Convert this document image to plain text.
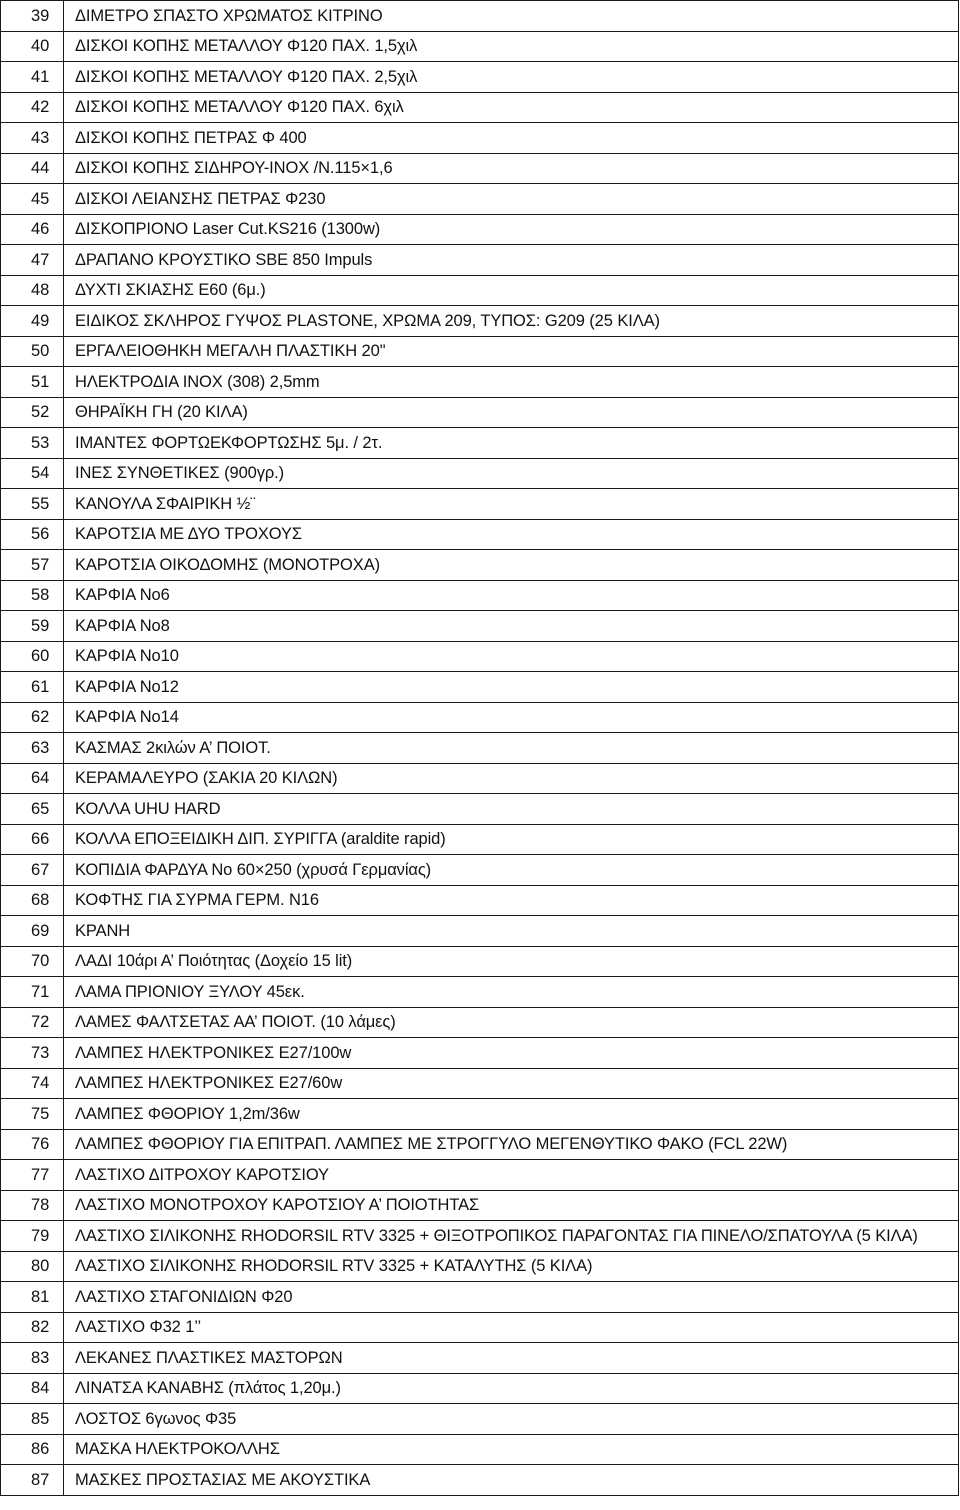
39	ΔΙΜΕΤΡΟ ΣΠΑΣΤΟ ΧΡΩΜΑΤΟΣ ΚΙΤΡΙΝΟ
40	ΔΙΣΚΟΙ ΚΟΠΗΣ ΜΕΤΑΛΛΟΥ Φ120 ΠΑΧ. 1,5χιλ
41	ΔΙΣΚΟΙ ΚΟΠΗΣ ΜΕΤΑΛΛΟΥ Φ120 ΠΑΧ. 2,5χιλ
42	ΔΙΣΚΟΙ ΚΟΠΗΣ ΜΕΤΑΛΛΟΥ Φ120 ΠΑΧ. 6χιλ
43	ΔΙΣΚΟΙ ΚΟΠΗΣ ΠΕΤΡΑΣ Φ 400
44	ΔΙΣΚΟΙ ΚΟΠΗΣ ΣΙΔΗΡΟΥ-ΙΝΟΧ /Ν.115×1,6
45	ΔΙΣΚΟΙ ΛΕΙΑΝΣΗΣ ΠΕΤΡΑΣ Φ230
46	ΔΙΣΚΟΠΡΙΟΝΟ Laser Cut.KS216 (1300w)
47	ΔΡΑΠΑΝΟ ΚΡΟΥΣΤΙΚΟ SBE 850 Impuls
48	ΔΥΧΤΙ ΣΚΙΑΣΗΣ Ε60 (6μ.)
49	ΕΙΔΙΚΟΣ ΣΚΛΗΡΟΣ ΓΥΨΟΣ PLASTONE, ΧΡΩΜΑ 209, ΤΥΠΟΣ: G209 (25 ΚΙΛΑ)
50	ΕΡΓΑΛΕΙΟΘΗΚΗ ΜΕΓΑΛΗ ΠΛΑΣΤΙΚΗ 20"
51	ΗΛΕΚΤΡΟΔΙΑ ΙΝΟΧ (308) 2,5mm
52	ΘΗΡΑΪΚΗ ΓΗ (20 ΚΙΛΑ)
53	ΙΜΑΝΤΕΣ ΦΟΡΤΩΕΚΦΟΡΤΩΣΗΣ 5μ. / 2τ.
54	ΙΝΕΣ ΣΥΝΘΕΤΙΚΕΣ (900γρ.)
55	ΚΑΝΟΥΛΑ ΣΦΑΙΡΙΚΗ ½¨
56	ΚΑΡΟΤΣΙΑ ΜΕ ΔΥΟ ΤΡΟΧΟΥΣ
57	ΚΑΡΟΤΣΙΑ ΟΙΚΟΔΟΜΗΣ (ΜΟΝΟΤΡΟΧΑ)
58	ΚΑΡΦΙΑ Νο6
59	ΚΑΡΦΙΑ Νο8
60	ΚΑΡΦΙΑ Νο10
61	ΚΑΡΦΙΑ Νο12
62	ΚΑΡΦΙΑ Νο14
63	ΚΑΣΜΑΣ 2κιλών Α’ ΠΟΙΟΤ.
64	ΚΕΡΑΜΑΛΕΥΡΟ (ΣΑΚΙΑ 20 ΚΙΛΩΝ)
65	ΚΟΛΛΑ UHU HARD
66	ΚΟΛΛΑ ΕΠΟΞΕΙΔΙΚΗ ΔΙΠ. ΣΥΡΙΓΓΑ (araldite rapid)
67	ΚΟΠΙΔΙΑ ΦΑΡΔΥΑ Νο 60×250 (χρυσά Γερμανίας)
68	ΚΟΦΤΗΣ ΓΙΑ ΣΥΡΜΑ ΓΕΡΜ. Ν16
69	ΚΡΑΝΗ
70	ΛΑΔΙ 10άρι Α’ Ποιότητας (Δοχείο 15 lit)
71	ΛΑΜΑ ΠΡΙΟΝΙΟΥ ΞΥΛΟΥ 45εκ.
72	ΛΑΜΕΣ ΦΑΛΤΣΕΤΑΣ ΑΑ’ ΠΟΙΟΤ. (10 λάμες)
73	ΛΑΜΠΕΣ ΗΛΕΚΤΡΟΝΙΚΕΣ Ε27/100w
74	ΛΑΜΠΕΣ ΗΛΕΚΤΡΟΝΙΚΕΣ Ε27/60w
75	ΛΑΜΠΕΣ ΦΘΟΡΙΟΥ 1,2m/36w
76	ΛΑΜΠΕΣ ΦΘΟΡΙΟΥ ΓΙΑ ΕΠΙΤΡΑΠ. ΛΑΜΠΕΣ ΜΕ ΣΤΡΟΓΓΥΛΟ ΜΕΓΕΝΘΥΤΙΚΟ ΦΑΚΟ (FCL 22W)
77	ΛΑΣΤΙΧΟ ΔΙΤΡΟΧΟΥ ΚΑΡΟΤΣΙΟΥ
78	ΛΑΣΤΙΧΟ ΜΟΝΟΤΡΟΧΟΥ ΚΑΡΟΤΣΙΟΥ Α’ ΠΟΙΟΤΗΤΑΣ
79	ΛΑΣΤΙΧΟ ΣΙΛΙΚΟΝΗΣ RHODORSIL RTV 3325 + ΘΙΞΟΤΡΟΠΙΚΟΣ ΠΑΡΑΓΟΝΤΑΣ ΓΙΑ ΠΙΝΕΛΟ/ΣΠΑΤΟΥΛΑ (5 ΚΙΛΑ)
80	ΛΑΣΤΙΧΟ ΣΙΛΙΚΟΝΗΣ RHODORSIL RTV 3325 + ΚΑΤΑΛΥΤΗΣ (5 ΚΙΛΑ)
81	ΛΑΣΤΙΧΟ ΣΤΑΓΟΝΙΔΙΩΝ Φ20
82	ΛΑΣΤΙΧΟ Φ32 1’’
83	ΛΕΚΑΝΕΣ ΠΛΑΣΤΙΚΕΣ ΜΑΣΤΟΡΩΝ
84	ΛΙΝΑΤΣΑ ΚΑΝΑΒΗΣ (πλάτος 1,20μ.)
85	ΛΟΣΤΟΣ 6γωνος Φ35
86	ΜΑΣΚΑ ΗΛΕΚΤΡΟΚΟΛΛΗΣ
87	ΜΑΣΚΕΣ ΠΡΟΣΤΑΣΙΑΣ ΜΕ ΑΚΟΥΣΤΙΚΑ
